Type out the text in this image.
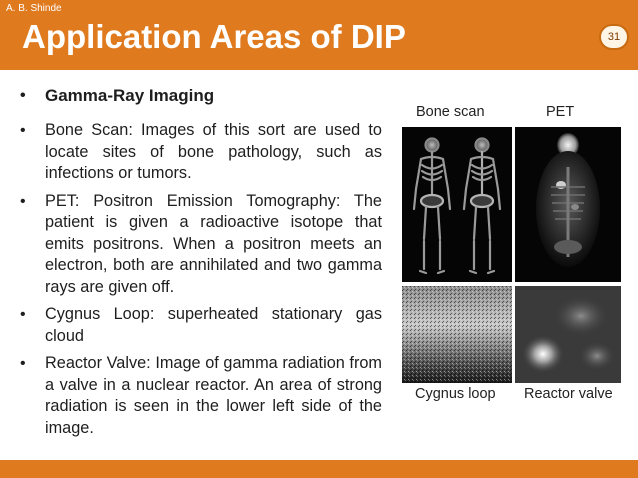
Application Areas of DIP	31
• Gamma-Ray Imaging
• Bone Scan: Images of this sort are used to locate sites of bone pathology, such as infections or tumors.
• PET: Positron Emission Tomography: The patient is given a radioactive isotope that emits positrons. When a positron meets an electron, both are annihilated and two gamma rays are given off.
• Cygnus Loop: superheated stationary gas cloud
• Reactor Valve: Image of gamma radiation from a valve in a nuclear reactor. An area of strong radiation is seen in the lower left side of the image.
Bone scan	PET
Cygnus loop Reactor valve
A. B. Shinde
